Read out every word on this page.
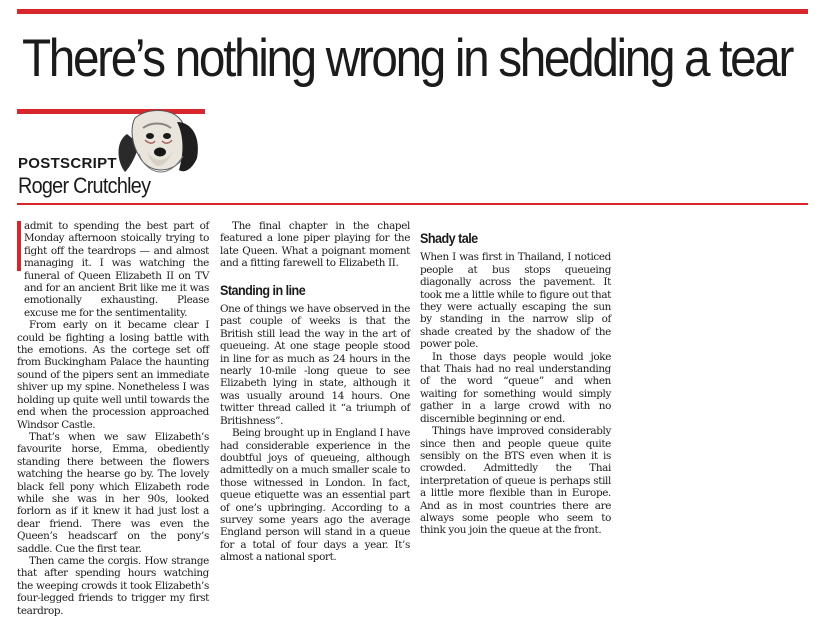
There’s nothing wrong in shedding a tear
POSTSCRIPT
Roger Crutchley

admit to spending the best part of Monday afternoon stoically trying to fight off the teardrops — and almost managing it. I was watching the funeral of Queen Elizabeth II on TV and for an ancient Brit like me it was emotionally exhausting. Please excuse me for the sentimentality.

From early on it became clear I could be fighting a losing battle with the emotions. As the cortege set off from Buckingham Palace the haunting sound of the pipers sent an immediate shiver up my spine. Nonetheless I was holding up quite well until towards the end when the procession approached Windsor Castle.

That’s when we saw Elizabeth’s favourite horse, Emma, obediently standing there between the flowers watching the hearse go by. The lovely black fell pony which Elizabeth rode while she was in her 90s, looked forlorn as if it knew it had just lost a dear friend. There was even the Queen’s headscarf on the pony’s saddle. Cue the first tear.

Then came the corgis. How strange that after spending hours watching the weeping crowds it took Elizabeth’s four-legged friends to trigger my first teardrop.

The final chapter in the chapel featured a lone piper playing for the late Queen. What a poignant moment and a fitting farewell to Elizabeth II.

Standing in line

One of things we have observed in the past couple of weeks is that the British still lead the way in the art of queueing. At one stage people stood in line for as much as 24 hours in the nearly 10-mile -long queue to see Elizabeth lying in state, although it was usually around 14 hours. One twitter thread called it “a triumph of Britishness”.

Being brought up in England I have had considerable experience in the doubtful joys of queueing, although admittedly on a much smaller scale to those witnessed in London. In fact, queue etiquette was an essential part of one’s upbringing. According to a survey some years ago the average England person will stand in a queue for a total of four days a year. It’s almost a national sport.

Shady tale

When I was first in Thailand, I noticed people at bus stops queueing diagonally across the pavement. It took me a little while to figure out that they were actually escaping the sun by standing in the narrow slip of shade created by the shadow of the power pole.

In those days people would joke that Thais had no real understanding of the word “queue” and when waiting for something would simply gather in a large crowd with no discernible beginning or end.

Things have improved considerably since then and people queue quite sensibly on the BTS even when it is crowded. Admittedly the Thai interpretation of queue is perhaps still a little more flexible than in Europe. And as in most countries there are always some people who seem to think you join the queue at the front.
